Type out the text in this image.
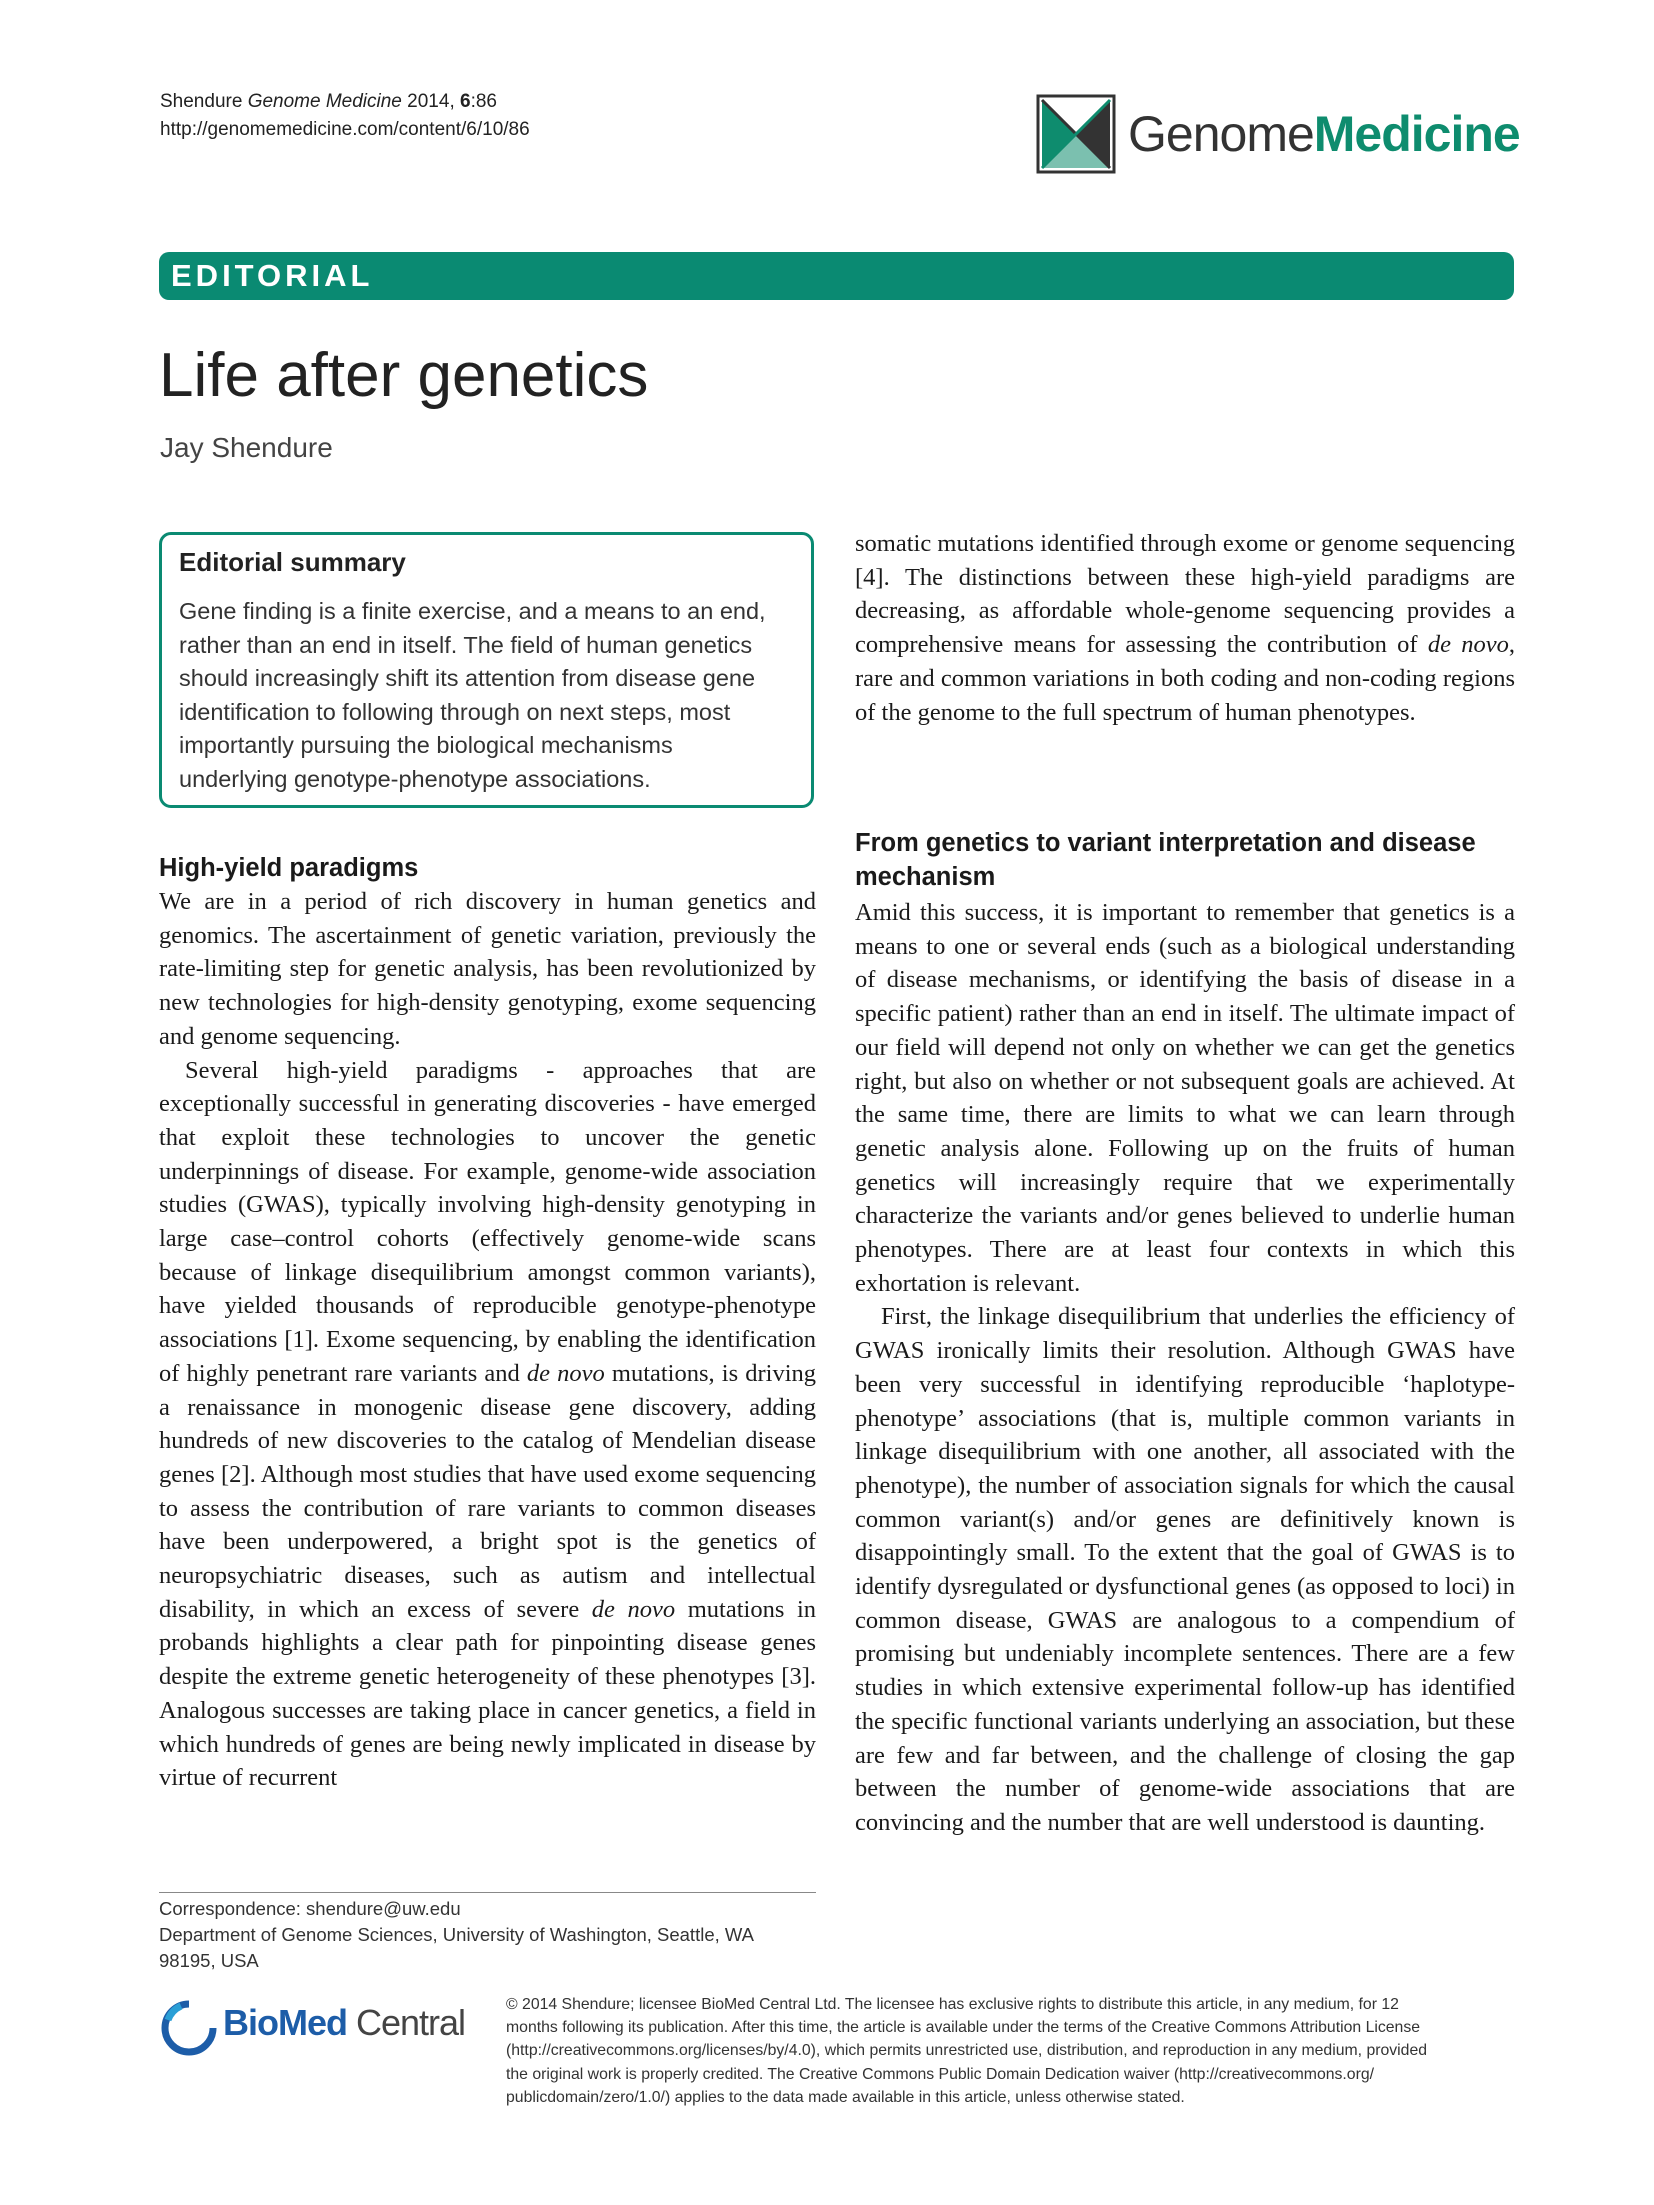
Shendure Genome Medicine 2014, 6:86
http://genomemedicine.com/content/6/10/86	GenomeMedicine
EDITORIAL
Life after genetics
Jay Shendure
Editorial summary
Gene finding is a finite exercise, and a means to an end,
rather than an end in itself. The field of human genetics
should increasingly shift its attention from disease gene
identification to following through on next steps, most
importantly pursuing the biological mechanisms
underlying genotype-phenotype associations.
High-yield paradigms

We are in a period of rich discovery in human genetics and genomics. The ascertainment of genetic variation, previously the rate-limiting step for genetic analysis, has been revolutionized by new technologies for high-density genotyping, exome sequencing and genome sequencing.

Several high-yield paradigms - approaches that are exceptionally successful in generating discoveries - have emerged that exploit these technologies to uncover the genetic underpinnings of disease. For example, genome-wide association studies (GWAS), typically involving high-density genotyping in large case–control cohorts (effectively genome-wide scans because of linkage disequilibrium amongst common variants), have yielded thousands of reproducible genotype-phenotype associations [1]. Exome sequencing, by enabling the identification of highly penetrant rare variants and de novo mutations, is driving a renaissance in monogenic disease gene discovery, adding hundreds of new discoveries to the catalog of Mendelian disease genes [2]. Although most studies that have used exome sequencing to assess the contribution of rare variants to common diseases have been underpowered, a bright spot is the genetics of neuropsychiatric diseases, such as autism and intellectual disability, in which an excess of severe de novo mutations in probands highlights a clear path for pinpointing disease genes despite the extreme genetic heterogeneity of these phenotypes [3]. Analogous successes are taking place in cancer genetics, a field in which hundreds of genes are being newly implicated in disease by virtue of recurrent

somatic mutations identified through exome or genome sequencing [4]. The distinctions between these high-yield paradigms are decreasing, as affordable whole-genome sequencing provides a comprehensive means for assessing the contribution of de novo, rare and common variations in both coding and non-coding regions of the genome to the full spectrum of human phenotypes.

From genetics to variant interpretation and disease mechanism

Amid this success, it is important to remember that genetics is a means to one or several ends (such as a biological understanding of disease mechanisms, or identifying the basis of disease in a specific patient) rather than an end in itself. The ultimate impact of our field will depend not only on whether we can get the genetics right, but also on whether or not subsequent goals are achieved. At the same time, there are limits to what we can learn through genetic analysis alone. Following up on the fruits of human genetics will increasingly require that we experimentally characterize the variants and/or genes believed to underlie human phenotypes. There are at least four contexts in which this exhortation is relevant.

First, the linkage disequilibrium that underlies the efficiency of GWAS ironically limits their resolution. Although GWAS have been very successful in identifying reproducible ‘haplotype-phenotype’ associations (that is, multiple common variants in linkage disequilibrium with one another, all associated with the phenotype), the number of association signals for which the causal common variant(s) and/or genes are definitively known is disappointingly small. To the extent that the goal of GWAS is to identify dysregulated or dysfunctional genes (as opposed to loci) in common disease, GWAS are analogous to a compendium of promising but undeniably incomplete sentences. There are a few studies in which extensive experimental follow-up has identified the specific functional variants underlying an association, but these are few and far between, and the challenge of closing the gap between the number of genome-wide associations that are convincing and the number that are well understood is daunting.

Correspondence: shendure@uw.edu
Department of Genome Sciences, University of Washington, Seattle, WA
98195, USA
BioMed Central	© 2014 Shendure; licensee BioMed Central Ltd. The licensee has exclusive rights to distribute this article, in any medium, for 12
months following its publication. After this time, the article is available under the terms of the Creative Commons Attribution License
(http://creativecommons.org/licenses/by/4.0), which permits unrestricted use, distribution, and reproduction in any medium, provided
the original work is properly credited. The Creative Commons Public Domain Dedication waiver (http://creativecommons.org/
publicdomain/zero/1.0/) applies to the data made available in this article, unless otherwise stated.
